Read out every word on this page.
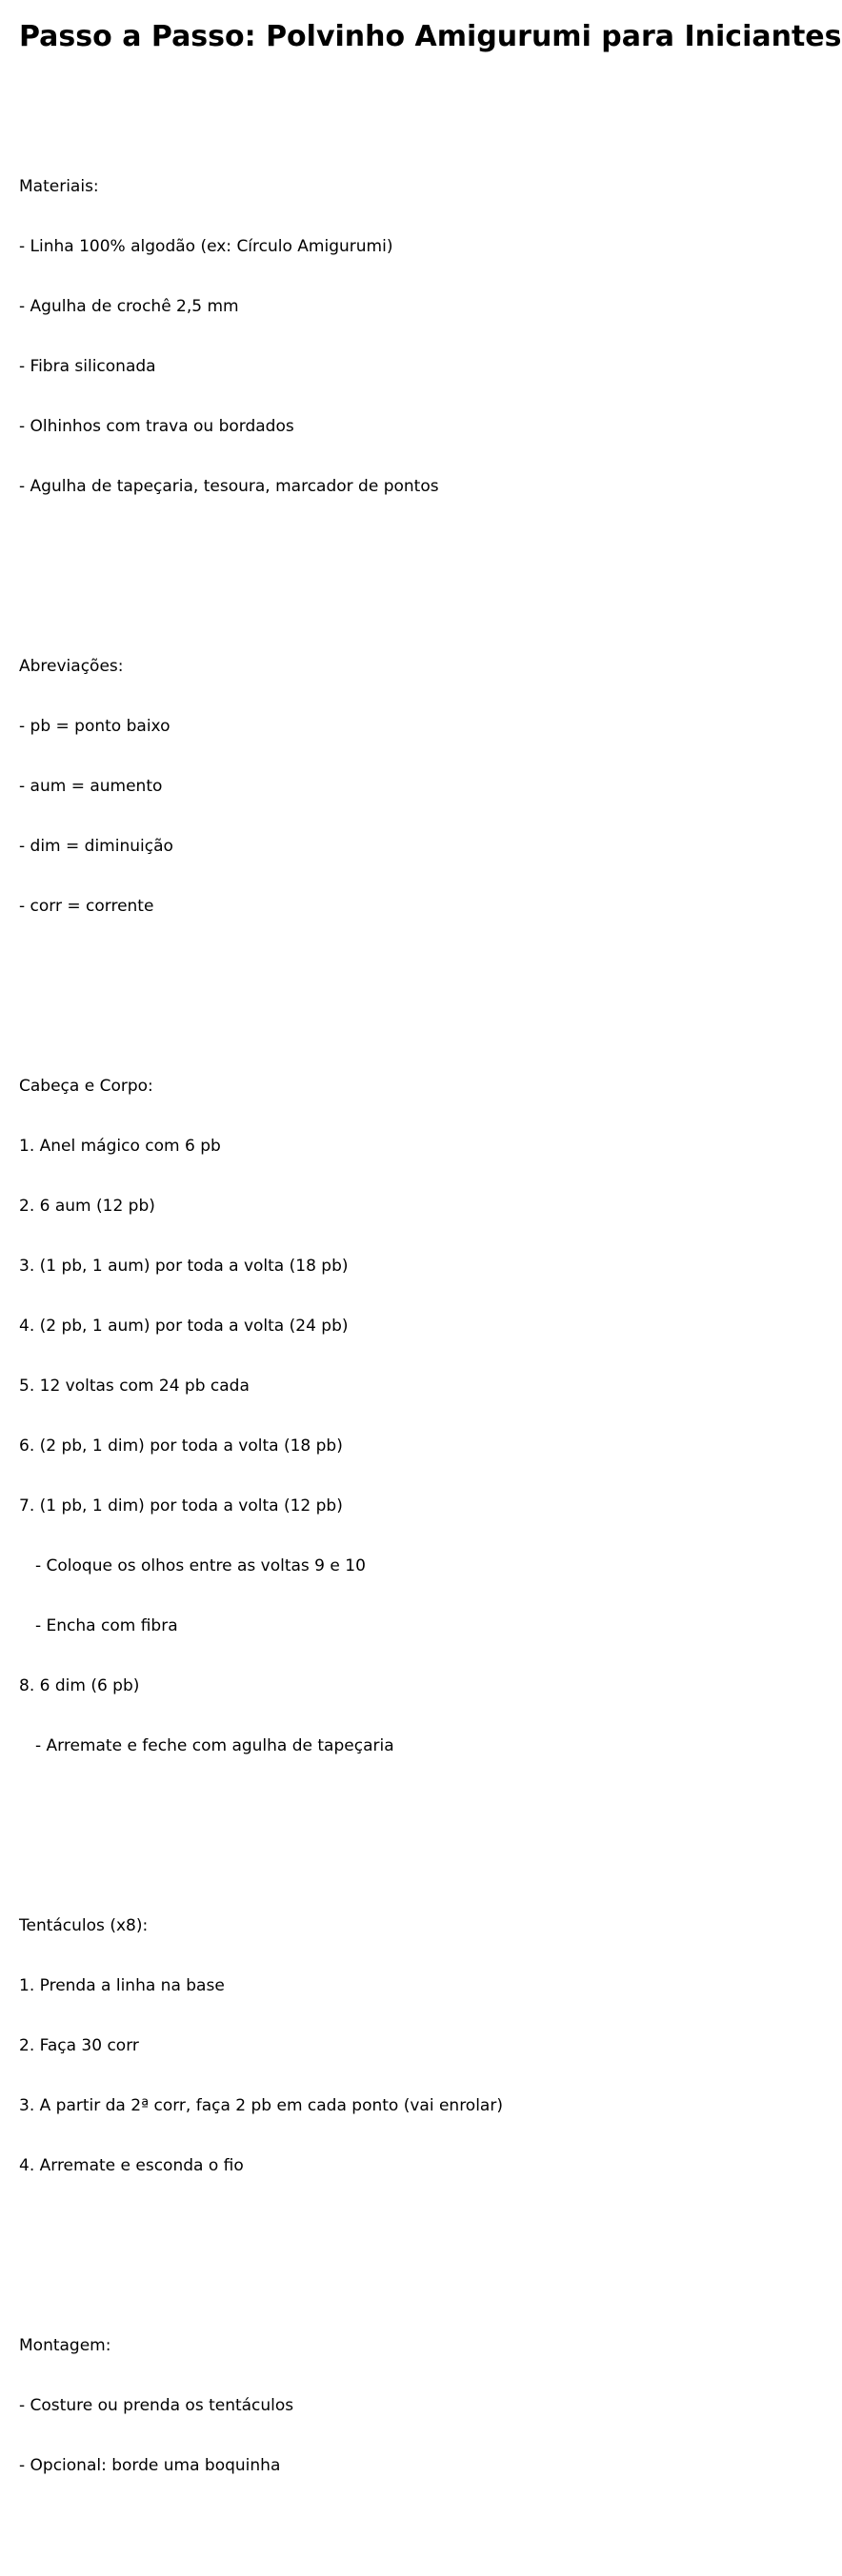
Passo a Passo: Polvinho Amigurumi para Iniciantes

Materiais:

- Linha 100% algodão (ex: Círculo Amigurumi)

- Agulha de crochê 2,5 mm

- Fibra siliconada

- Olhinhos com trava ou bordados

- Agulha de tapeçaria, tesoura, marcador de pontos

Abreviações:

- pb = ponto baixo

- aum = aumento

- dim = diminuição

- corr = corrente

Cabeça e Corpo:

1. Anel mágico com 6 pb

2. 6 aum (12 pb)

3. (1 pb, 1 aum) por toda a volta (18 pb)

4. (2 pb, 1 aum) por toda a volta (24 pb)

5. 12 voltas com 24 pb cada

6. (2 pb, 1 dim) por toda a volta (18 pb)

7. (1 pb, 1 dim) por toda a volta (12 pb)

- Coloque os olhos entre as voltas 9 e 10

- Encha com fibra

8. 6 dim (6 pb)

- Arremate e feche com agulha de tapeçaria

Tentáculos (x8):

1. Prenda a linha na base

2. Faça 30 corr

3. A partir da 2ª corr, faça 2 pb em cada ponto (vai enrolar)

4. Arremate e esconda o fio

Montagem:

- Costure ou prenda os tentáculos

- Opcional: borde uma boquinha
